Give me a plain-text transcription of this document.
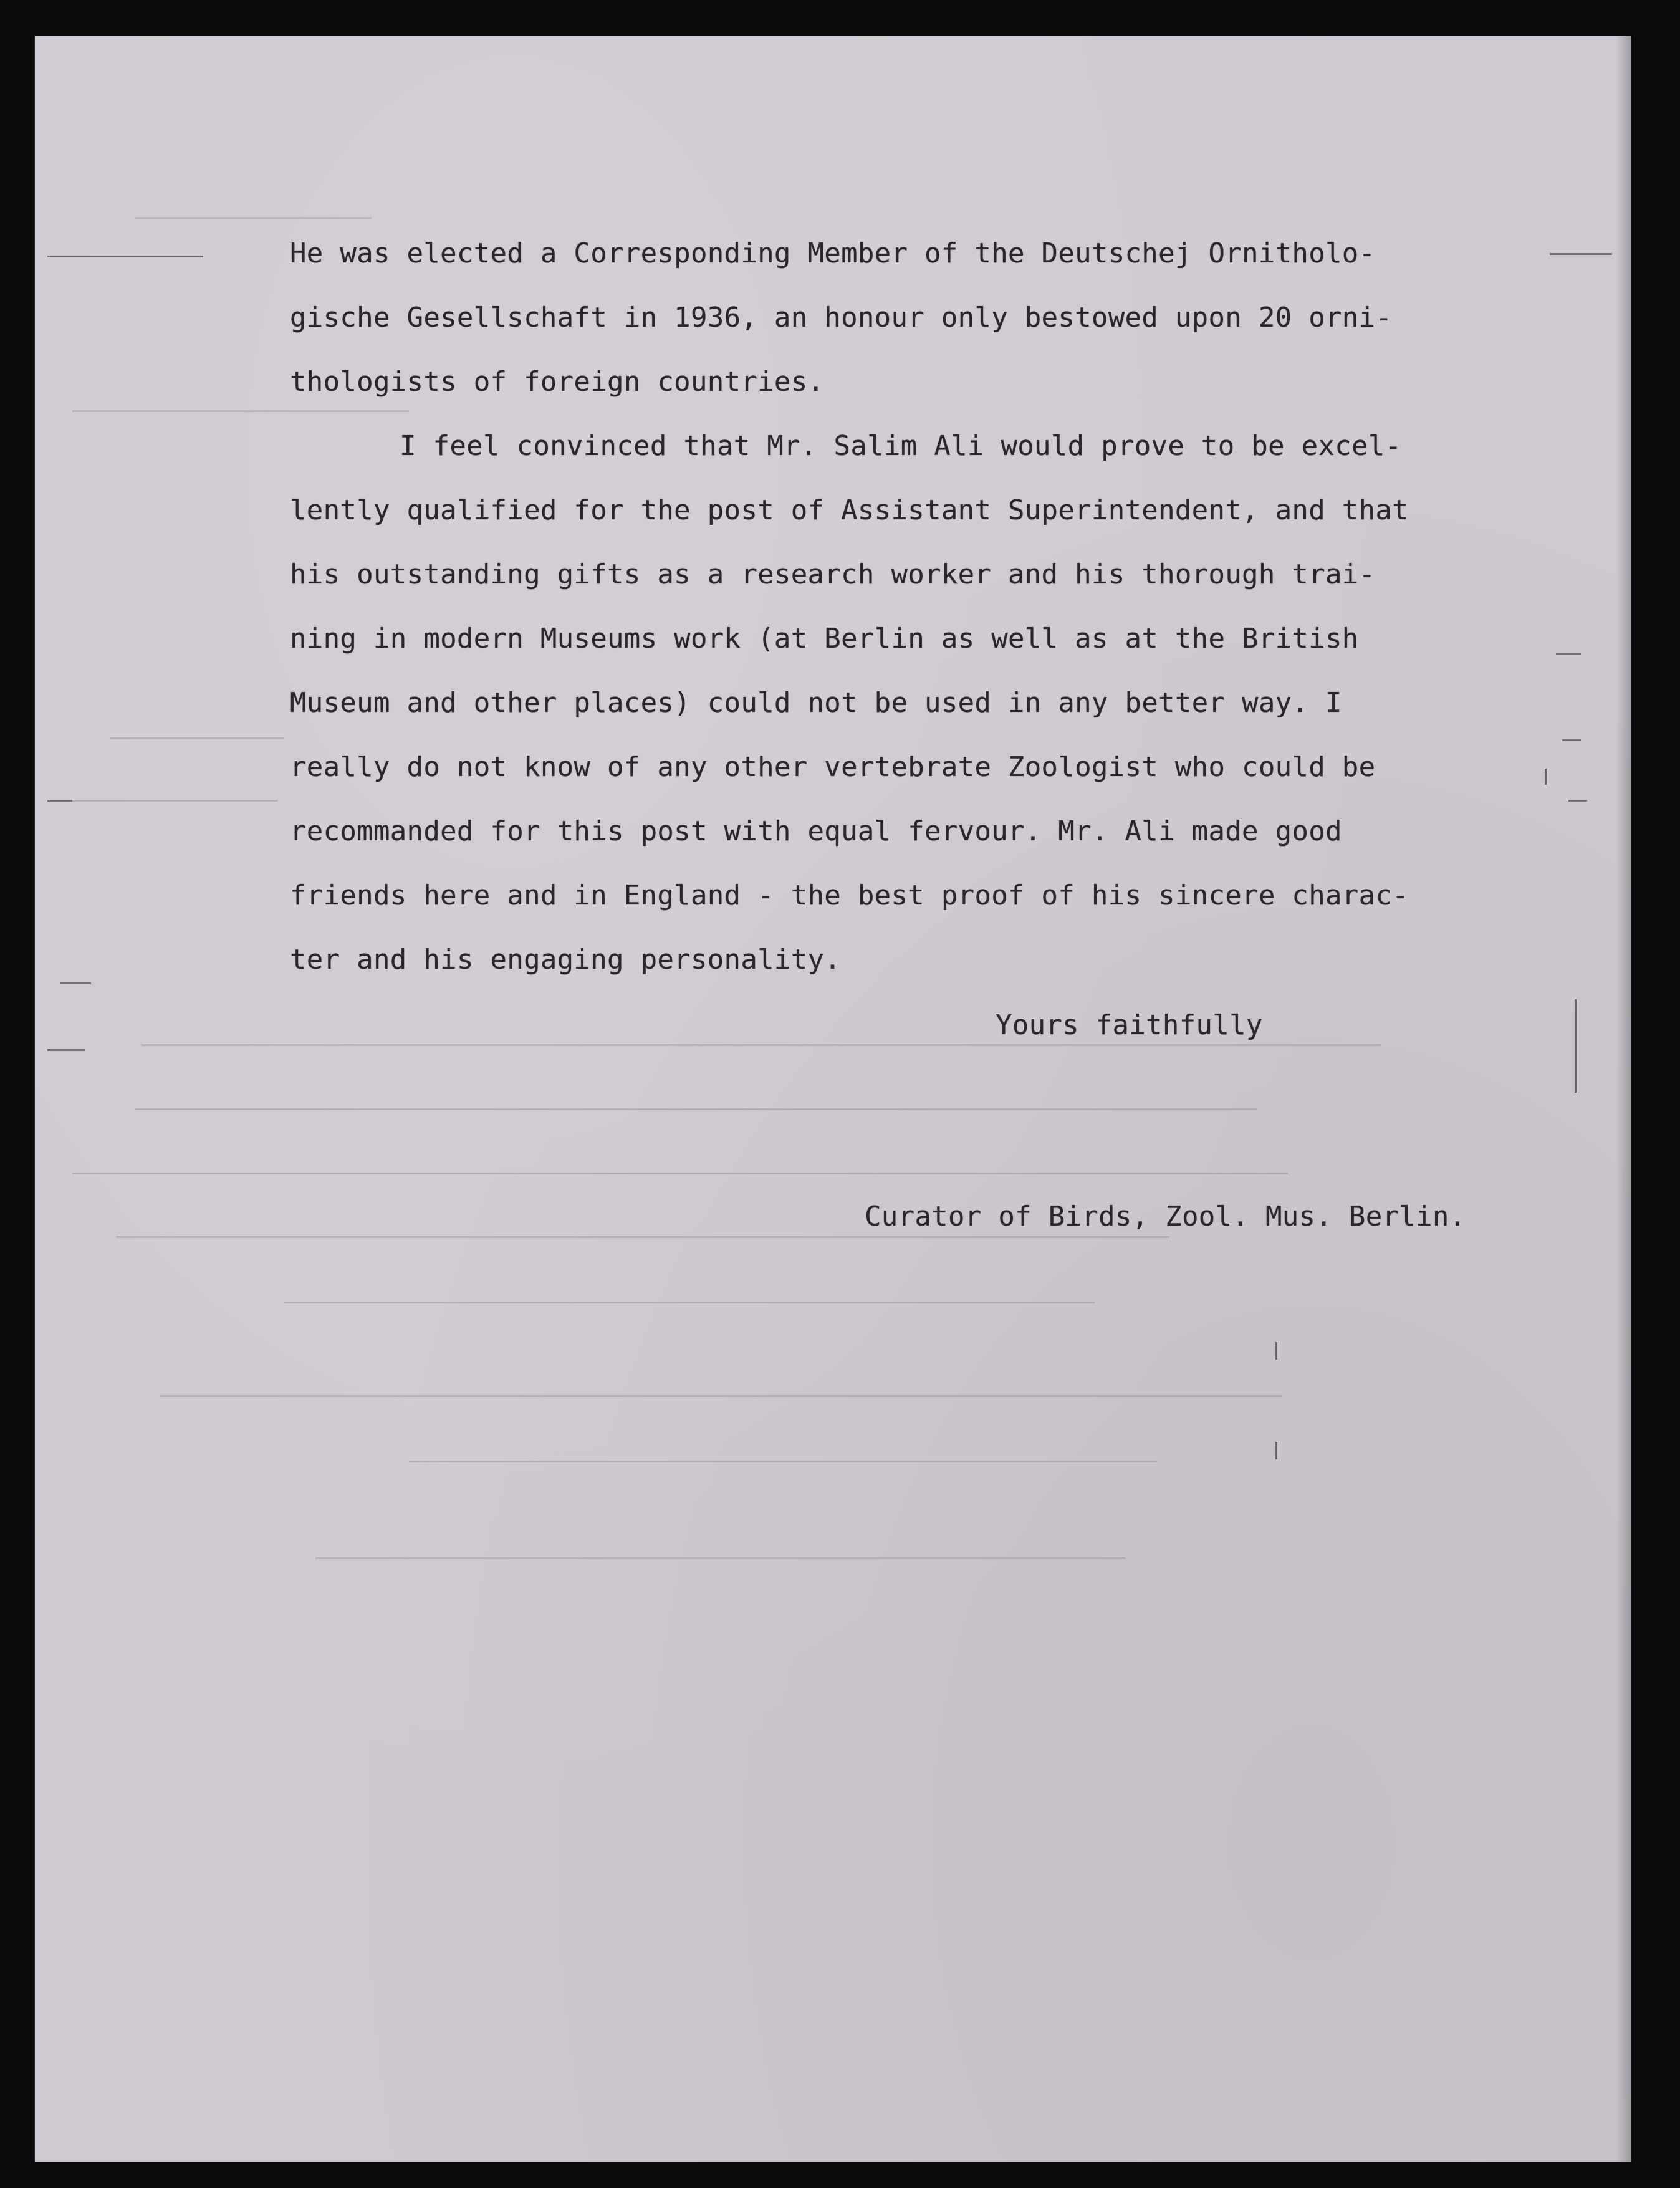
He was elected a Corresponding Member of the Deutschej Ornitholo-
gische Gesellschaft in 1936, an honour only bestowed upon 20 orni-
thologists of foreign countries.
I feel convinced that Mr. Salim Ali would prove to be excel-
lently qualified for the post of Assistant Superintendent, and that
his outstanding gifts as a research worker and his thorough trai-
ning in modern Museums work (at Berlin as well as at the British
Museum and other places) could not be used in any better way. I
really do not know of any other vertebrate Zoologist who could be
recommanded for this post with equal fervour. Mr. Ali made good
friends here and in England - the best proof of his sincere charac-
ter and his engaging personality.
Yours faithfully
Curator of Birds, Zool. Mus. Berlin.
